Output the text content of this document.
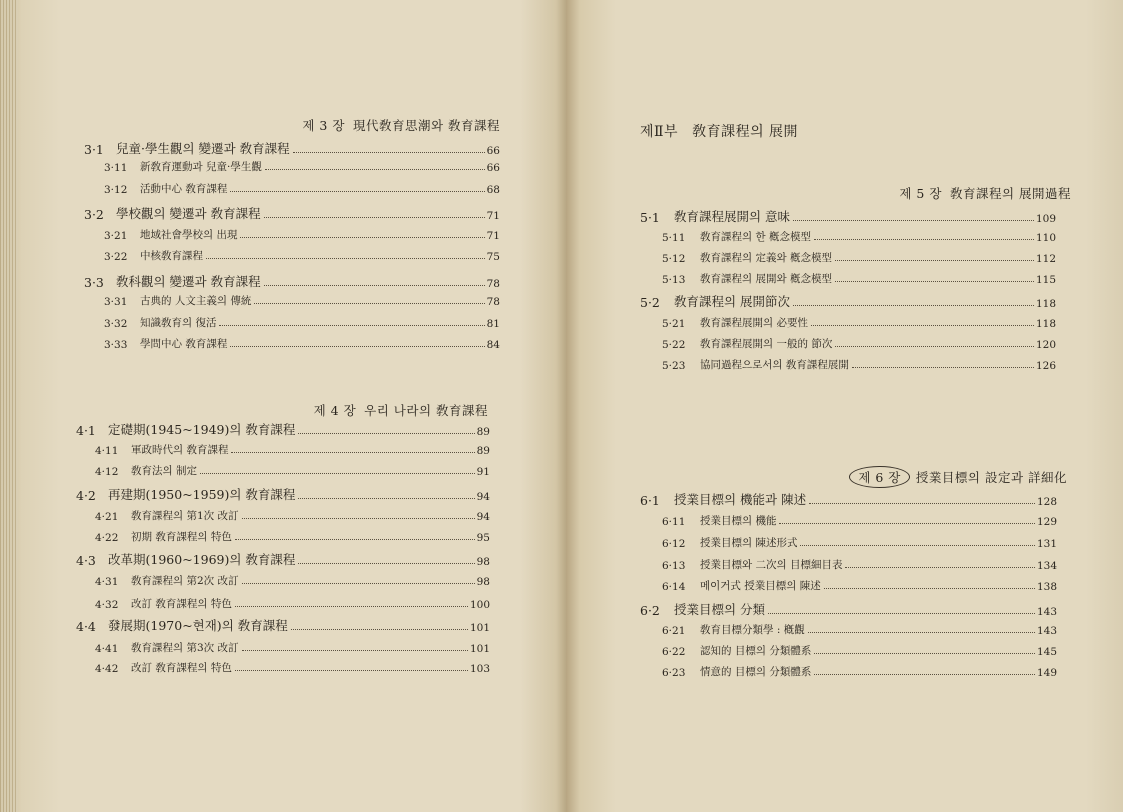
제 3 장 現代敎育思潮와 敎育課程
3·1 兒童·學生觀의 變遷과 敎育課程	66
3·11	新敎育運動과 兒童·學生觀	66
3·12	活動中心 敎育課程	68
3·2 學校觀의 變遷과 敎育課程	71
3·21	地域社會學校의 出現	71
3·22	中核敎育課程	75
3·3 敎科觀의 變遷과 敎育課程	78
3·31	古典的 人文主義의 傳統	78
3·32	知識敎育의 復活	81
3·33	學問中心 敎育課程	84
제 4 장 우리 나라의 敎育課程
4·1 定礎期(1945~1949)의 敎育課程	89
4·11	軍政時代의 敎育課程	89
4·12	敎育法의 制定	91
4·2 再建期(1950~1959)의 敎育課程	94
4·21	敎育課程의 第1次 改訂	94
4·22	初期 敎育課程의 特色	95
4·3 改革期(1960~1969)의 敎育課程	98
4·31	敎育課程의 第2次 改訂	98
4·32	改訂 敎育課程의 特色	100
4·4 發展期(1970~현재)의 敎育課程	101
4·41	敎育課程의 第3次 改訂	101
4·42	改訂 敎育課程의 特色	103
제Ⅱ부 敎育課程의 展開
제 5 장 敎育課程의 展開過程
5·1	敎育課程展開의 意味	109
5·11	敎育課程의 한 槪念模型	110
5·12	敎育課程의 定義와 槪念模型	112
5·13	敎育課程의 展開와 槪念模型	115
5·2	敎育課程의 展開節次	118
5·21	敎育課程展開의 必要性	118
5·22	敎育課程展開의 一般的 節次	120
5·23	協同過程으로서의 敎育課程展開	126
제 6 장 授業目標의 設定과 詳細化
6·1	授業目標의 機能과 陳述	128
6·11	授業目標의 機能	129
6·12	授業目標의 陳述形式	131
6·13	授業目標와 二次의 目標細目表	134
6·14	메이거式 授業目標의 陳述	138
6·2	授業目標의 分類	143
6·21	敎育目標分類學 : 槪觀	143
6·22	認知的 目標의 分類體系	145
6·23	情意的 目標의 分類體系	149
